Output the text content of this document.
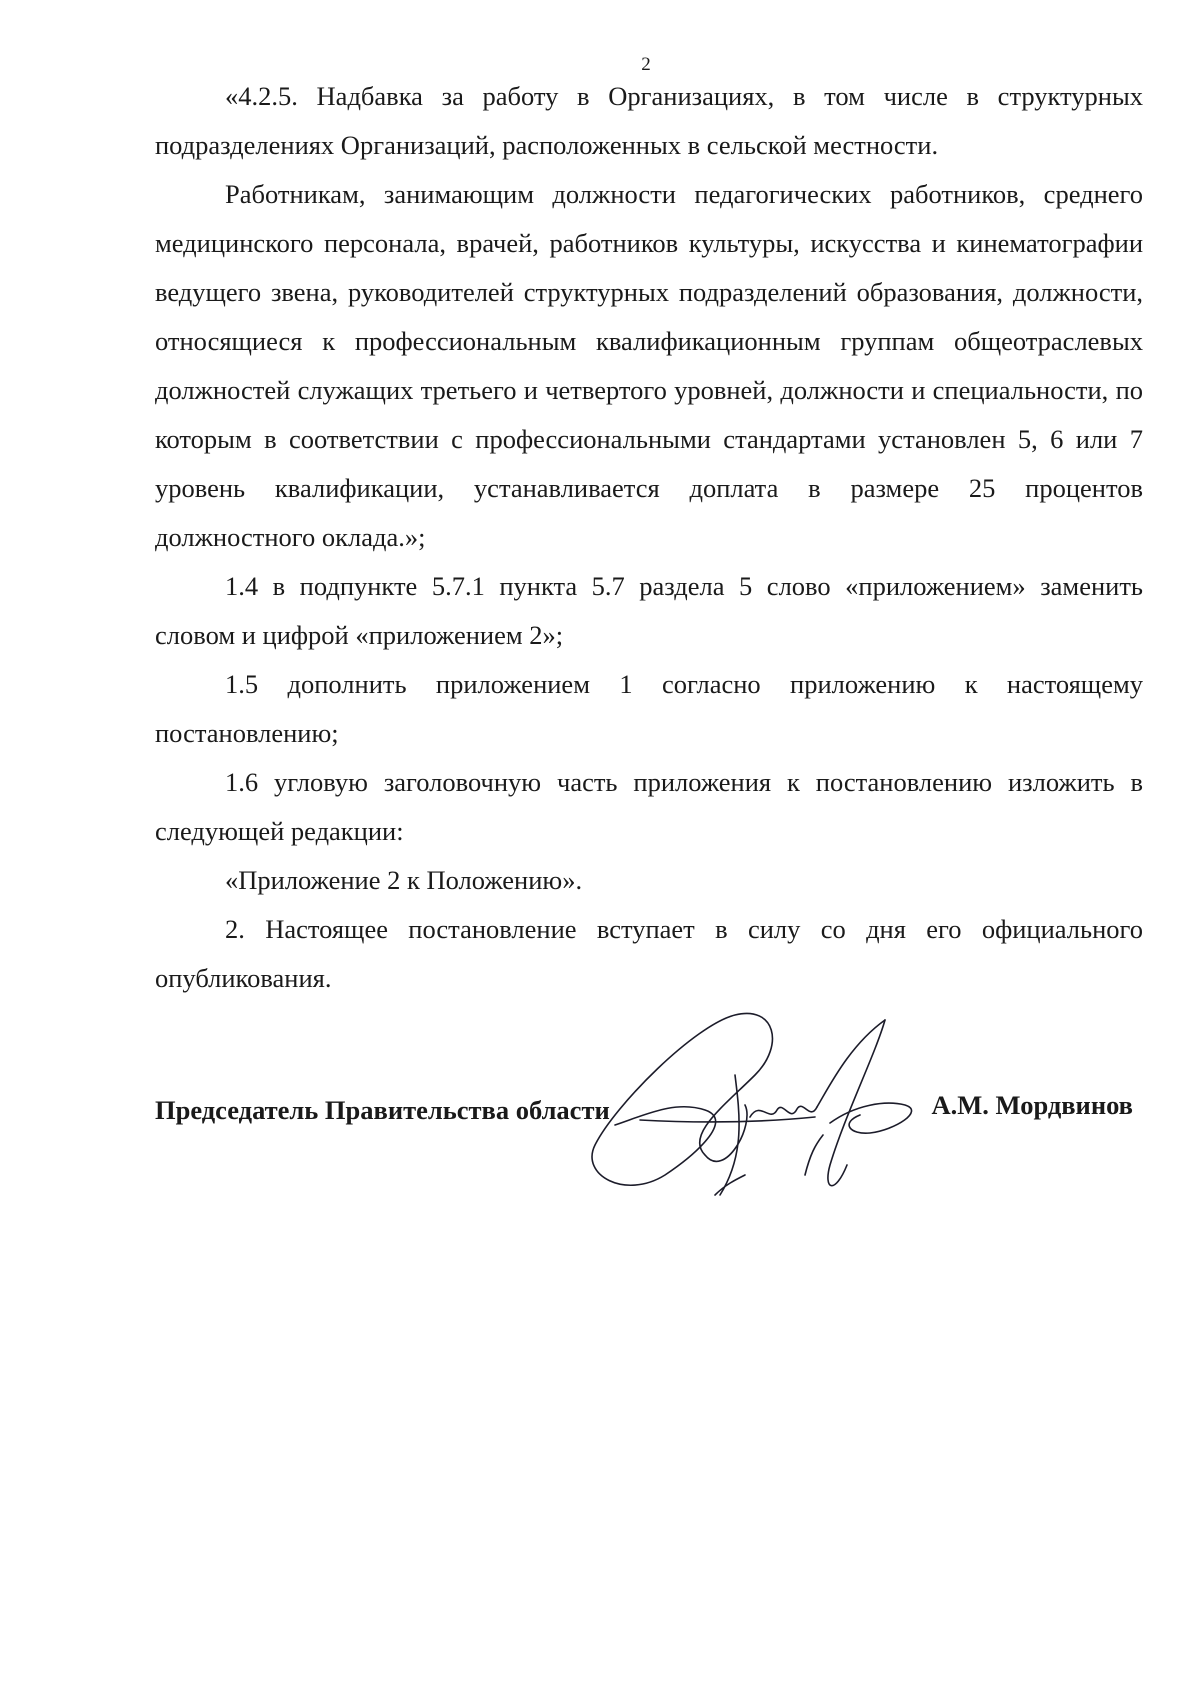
2

«4.2.5. Надбавка за работу в Организациях, в том числе в структурных подразделениях Организаций, расположенных в сельской местности.

Работникам, занимающим должности педагогических работников, среднего медицинского персонала, врачей, работников культуры, искусства и кинематографии ведущего звена, руководителей структурных подразделений образования, должности, относящиеся к профессиональным квалификационным группам общеотраслевых должностей служащих третьего и четвертого уровней, должности и специальности, по которым в соответствии с профессиональными стандартами установлен 5, 6 или 7 уровень квалификации, устанавливается доплата в размере 25 процентов должностного оклада.»;

1.4 в подпункте 5.7.1 пункта 5.7 раздела 5 слово «приложением» заменить словом и цифрой «приложением 2»;

1.5 дополнить приложением 1 согласно приложению к настоящему постановлению;

1.6 угловую заголовочную часть приложения к постановлению изложить в следующей редакции:

«Приложение 2 к Положению».

2. Настоящее постановление вступает в силу со дня его официального опубликования.

Председатель Правительства области	А.М. Мордвинов
